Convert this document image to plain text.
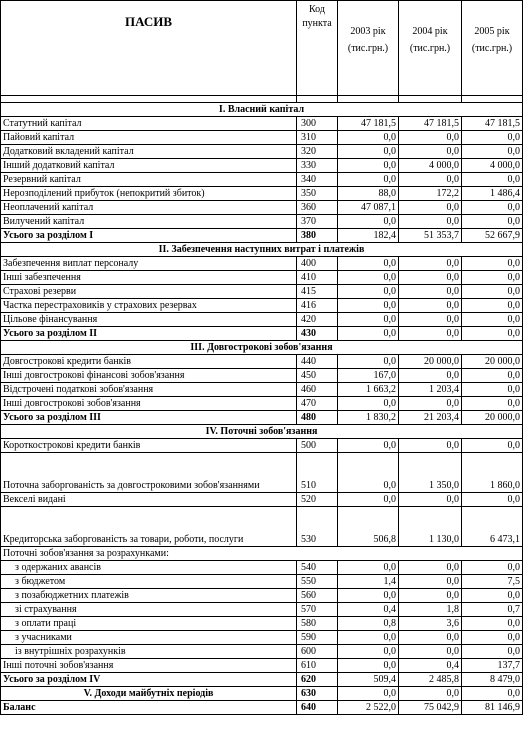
ПАСИВ	Код пункта	2003 рік (тис.грн.)	2004 рік (тис.грн.)	2005 рік (тис.грн.)

І. Власний капітал				
Статутний капітал	300	47 181,5	47 181,5	47 181,5
Пайовий капітал	310	0,0	0,0	0,0
Додатковий вкладений капітал	320	0,0	0,0	0,0
Інший додатковий капітал	330	0,0	4 000,0	4 000,0
Резервний капітал	340	0,0	0,0	0,0
Нерозподілений прибуток (непокритий збиток)	350	88,0	172,2	1 486,4
Неоплачений капітал	360	47 087,1	0,0	0,0
Вилучений капітал	370	0,0	0,0	0,0
Усього за розділом І	380	182,4	51 353,7	52 667,9
ІІ. Забезпечення наступних витрат і платежів				
Забезпечення виплат персоналу	400	0,0	0,0	0,0
Інші забезпечення	410	0,0	0,0	0,0
Страхові резерви	415	0,0	0,0	0,0
Частка перестраховиків у страхових резервах	416	0,0	0,0	0,0
Цільове фінансування	420	0,0	0,0	0,0
Усього за розділом ІІ	430	0,0	0,0	0,0
ІІІ. Довгострокові зобов'язання				
Довгострокові кредити банків	440	0,0	20 000,0	20 000,0
Інші довгострокові фінансові зобов'язання	450	167,0	0,0	0,0
Відстрочені податкові зобов'язання	460	1 663,2	1 203,4	0,0
Інші довгострокові зобов'язання	470	0,0	0,0	0,0
Усього за розділом ІІІ	480	1 830,2	21 203,4	20 000,0
IV. Поточні зобов'язання				
Короткострокові кредити банків	500	0,0	0,0	0,0
Поточна заборгованість за довгостроковими зобов'язаннями	510	0,0	1 350,0	1 860,0
Векселі видані	520	0,0	0,0	0,0
Кредиторська заборгованість за товари, роботи, послуги	530	506,8	1 130,0	6 473,1
Поточні зобов'язання за розрахунками:				
з одержаних авансів	540	0,0	0,0	0,0
з бюджетом	550	1,4	0,0	7,5
з позабюджетних платежів	560	0,0	0,0	0,0
зі страхування	570	0,4	1,8	0,7
з оплати праці	580	0,8	3,6	0,0
з учасниками	590	0,0	0,0	0,0
із внутрішніх розрахунків	600	0,0	0,0	0,0
Інші поточні зобов'язання	610	0,0	0,4	137,7
Усього за розділом IV	620	509,4	2 485,8	8 479,0
V. Доходи майбутніх періодів	630	0,0	0,0	0,0
Баланс	640	2 522,0	75 042,9	81 146,9
